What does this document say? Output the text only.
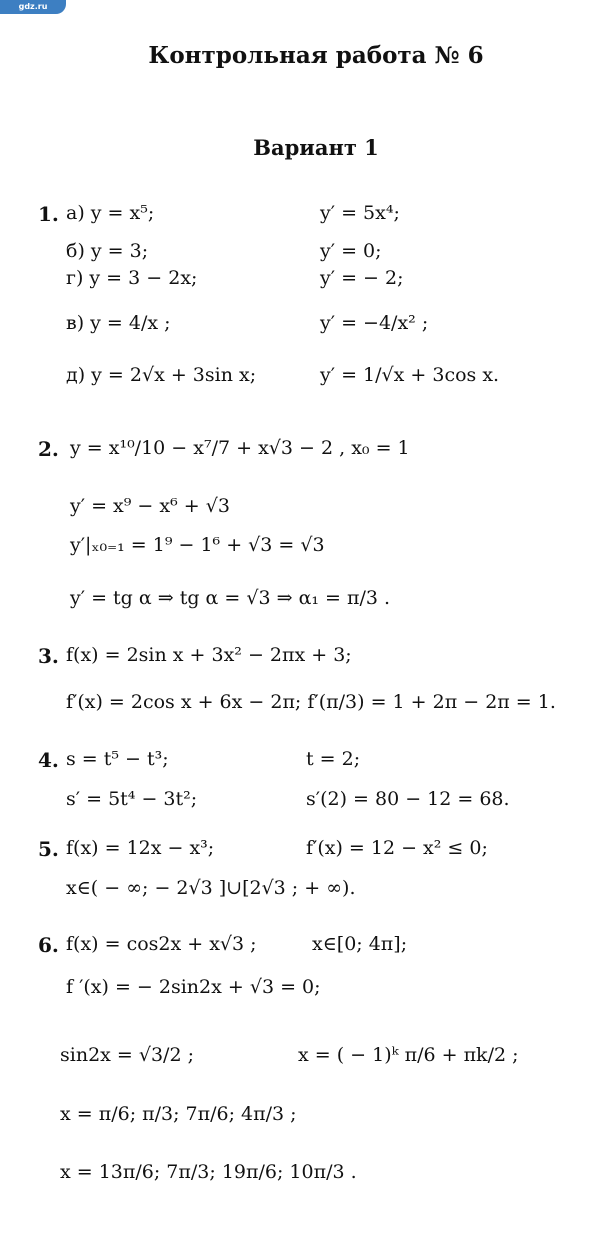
gdz.ru
Контрольная работа № 6
Вариант 1
1. а) y = x⁵;	y′ = 5x⁴;
б) y = 3;	y′ = 0;
г) y = 3 − 2x;	y′ = − 2;
в) y = 4/x ;	y′ = −4/x² ;
д) y = 2√x + 3sin x;	y′ = 1/√x + 3cos x.
2. y = x¹⁰/10 − x⁷/7 + x√3 − 2 , x₀ = 1
y′ = x⁹ − x⁶ + √3
y′|ₓ₀₌₁ = 1⁹ − 1⁶ + √3 = √3
y′ = tg α ⇒ tg α = √3 ⇒ α₁ = π/3 .
3. f(x) = 2sin x + 3x² − 2πx + 3;
f′(x) = 2cos x + 6x − 2π; f′(π/3) = 1 + 2π − 2π = 1.
4. s = t⁵ − t³;	t = 2;
s′ = 5t⁴ − 3t²;	s′(2) = 80 − 12 = 68.
5. f(x) = 12x − x³;	f′(x) = 12 − x² ≤ 0;
x∈( − ∞; − 2√3 ]∪[2√3 ; + ∞).
6. f(x) = cos2x + x√3 ;	x∈[0; 4π];
f ′(x) = − 2sin2x + √3 = 0;
sin2x = √3/2 ;	x = ( − 1)ᵏ π/6 + πk/2 ;
x = π/6; π/3; 7π/6; 4π/3 ;
x = 13π/6; 7π/3; 19π/6; 10π/3 .
